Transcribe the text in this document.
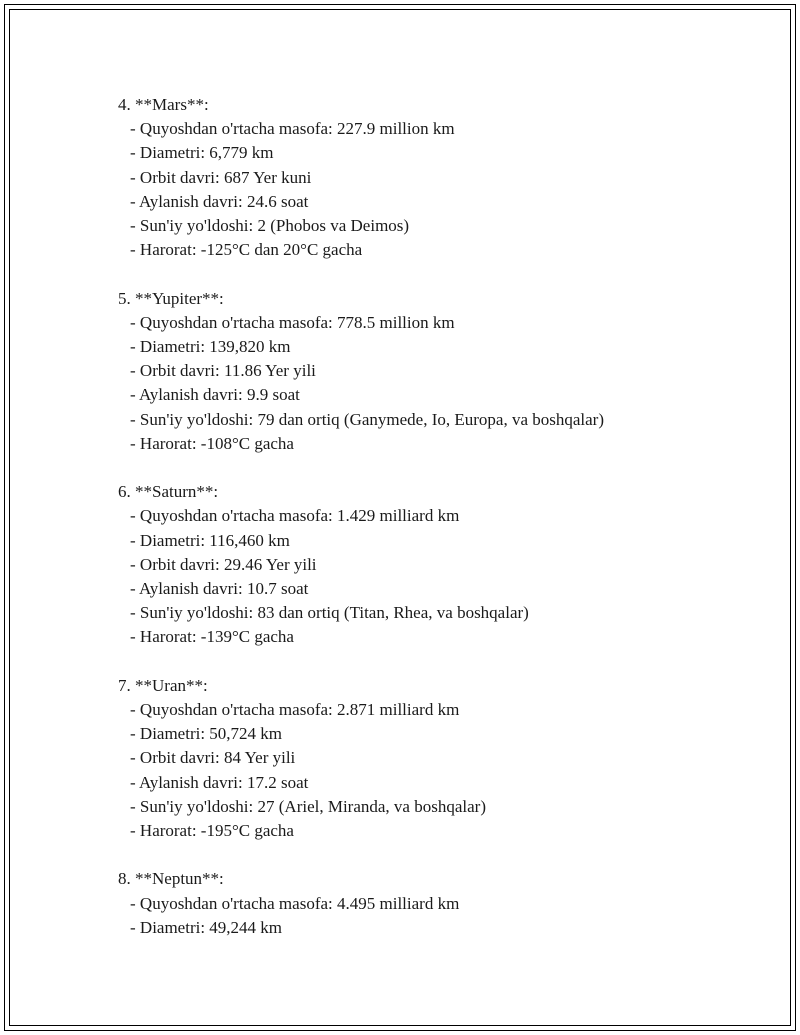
4. **Mars**:
- Quyoshdan o'rtacha masofa: 227.9 million km
- Diametri: 6,779 km
- Orbit davri: 687 Yer kuni
- Aylanish davri: 24.6 soat
- Sun'iy yo'ldoshi: 2 (Phobos va Deimos)
- Harorat: -125°C dan 20°C gacha
5. **Yupiter**:
- Quyoshdan o'rtacha masofa: 778.5 million km
- Diametri: 139,820 km
- Orbit davri: 11.86 Yer yili
- Aylanish davri: 9.9 soat
- Sun'iy yo'ldoshi: 79 dan ortiq (Ganymede, Io, Europa, va boshqalar)
- Harorat: -108°C gacha
6. **Saturn**:
- Quyoshdan o'rtacha masofa: 1.429 milliard km
- Diametri: 116,460 km
- Orbit davri: 29.46 Yer yili
- Aylanish davri: 10.7 soat
- Sun'iy yo'ldoshi: 83 dan ortiq (Titan, Rhea, va boshqalar)
- Harorat: -139°C gacha
7. **Uran**:
- Quyoshdan o'rtacha masofa: 2.871 milliard km
- Diametri: 50,724 km
- Orbit davri: 84 Yer yili
- Aylanish davri: 17.2 soat
- Sun'iy yo'ldoshi: 27 (Ariel, Miranda, va boshqalar)
- Harorat: -195°C gacha
8. **Neptun**:
- Quyoshdan o'rtacha masofa: 4.495 milliard km
- Diametri: 49,244 km
